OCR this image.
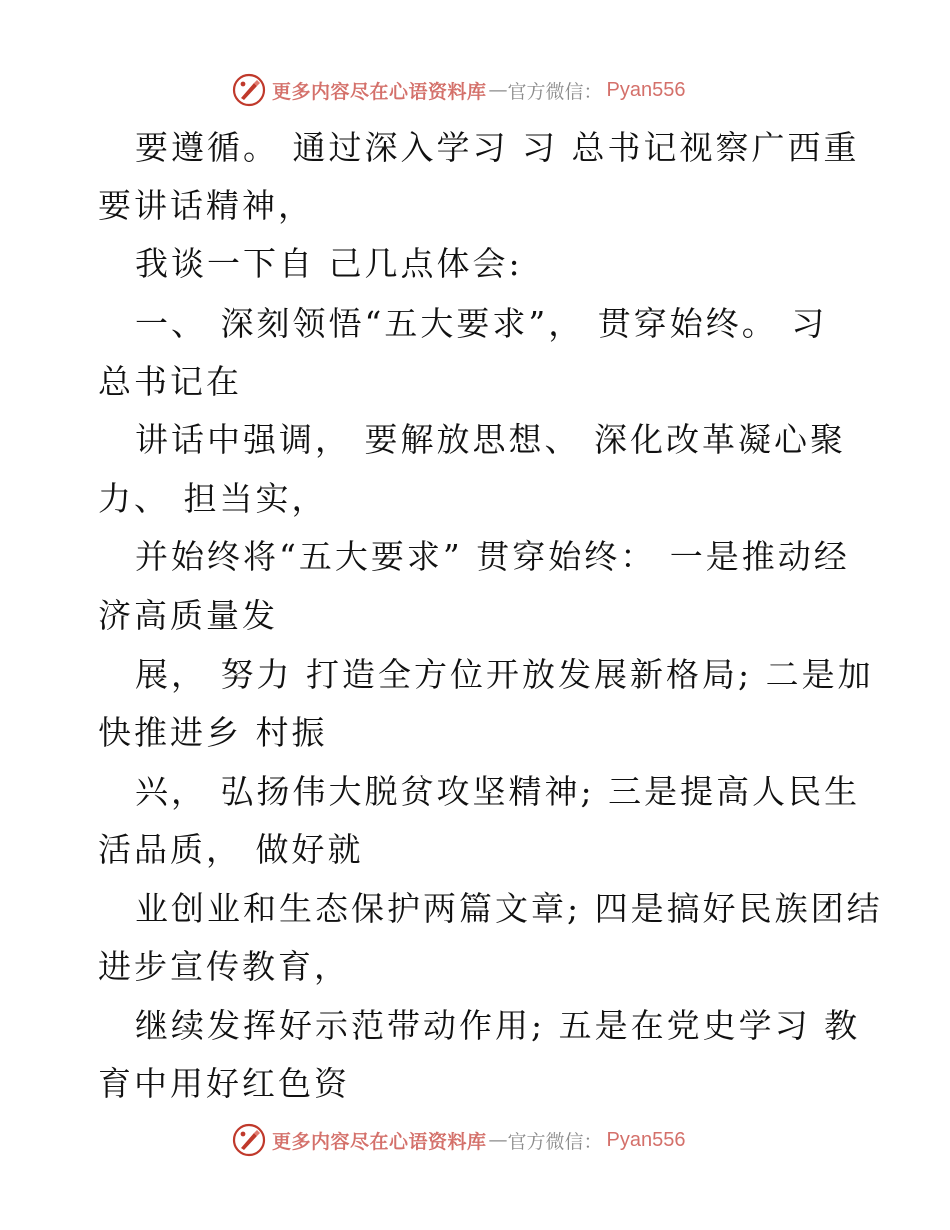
更多内容尽在心语资料库 — 官方微信： Pyan556
要遵循。 通过深入学习 习 总书记视察广西重
要讲话精神，
我谈一下自 己几点体会:
一、 深刻领悟“五大要求”， 贯穿始终。 习
总书记在
讲话中强调， 要解放思想、 深化改革凝心聚
力、 担当实，
并始终将“五大要求” 贯穿始终： 一是推动经
济高质量发
展， 努力 打造全方位开放发展新格局; 二是加
快推进乡 村振
兴， 弘扬伟大脱贫攻坚精神; 三是提高人民生
活品质， 做好就
业创业和生态保护两篇文章; 四是搞好民族团结
进步宣传教育，
继续发挥好示范带动作用; 五是在党史学习 教
育中用好红色资
更多内容尽在心语资料库 — 官方微信： Pyan556
